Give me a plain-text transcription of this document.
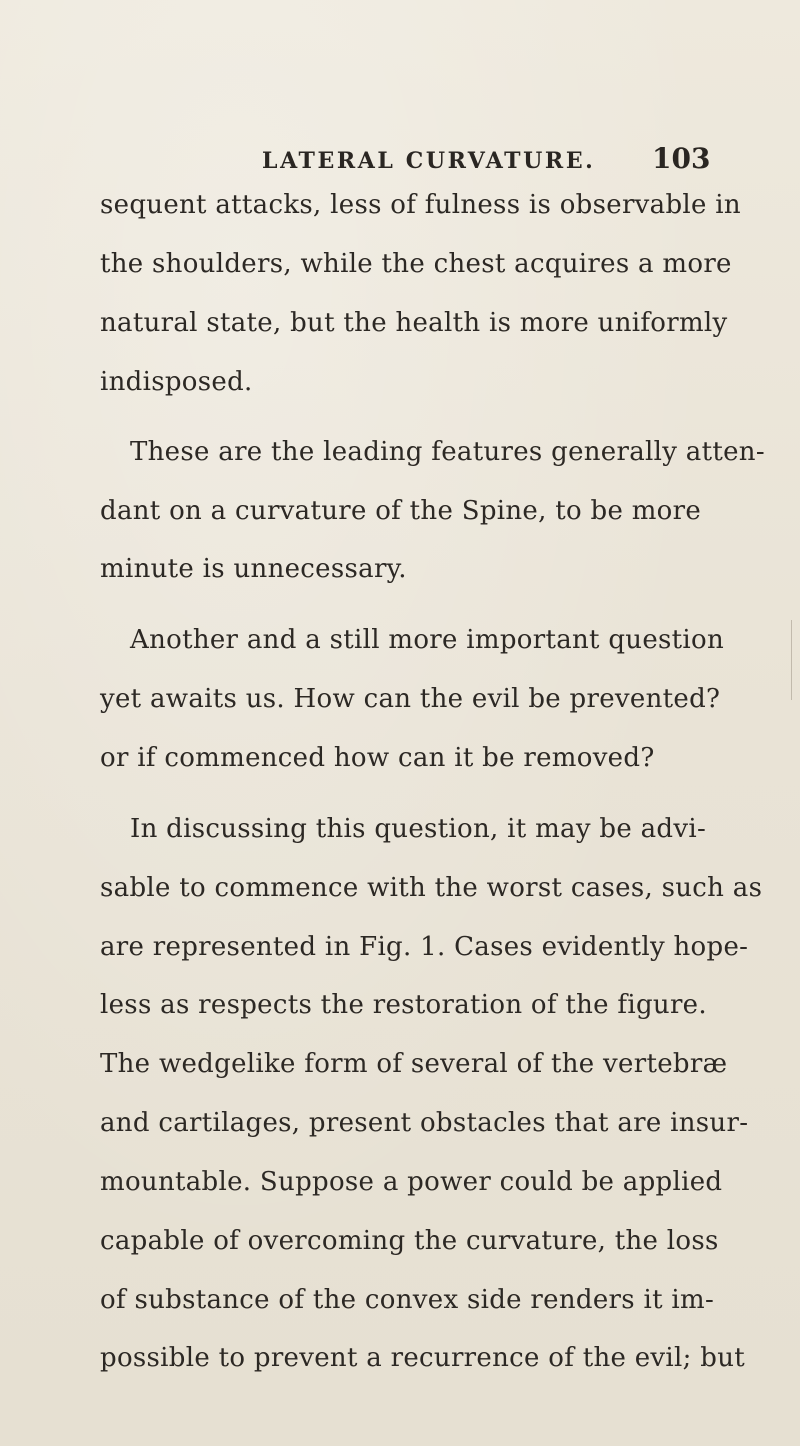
LATERAL CURVATURE. 103
sequent attacks, less of fulness is observable in
the shoulders, while the chest acquires a more
natural state, but the health is more uniformly
indisposed.
These are the leading features generally atten-
dant on a curvature of the Spine, to be more
minute is unnecessary.
Another and a still more important question
yet awaits us. How can the evil be prevented?
or if commenced how can it be removed?
In discussing this question, it may be advi-
sable to commence with the worst cases, such as
are represented in Fig. 1. Cases evidently hope-
less as respects the restoration of the figure.
The wedgelike form of several of the vertebræ
and cartilages, present obstacles that are insur-
mountable. Suppose a power could be applied
capable of overcoming the curvature, the loss
of substance of the convex side renders it im-
possible to prevent a recurrence of the evil; but
